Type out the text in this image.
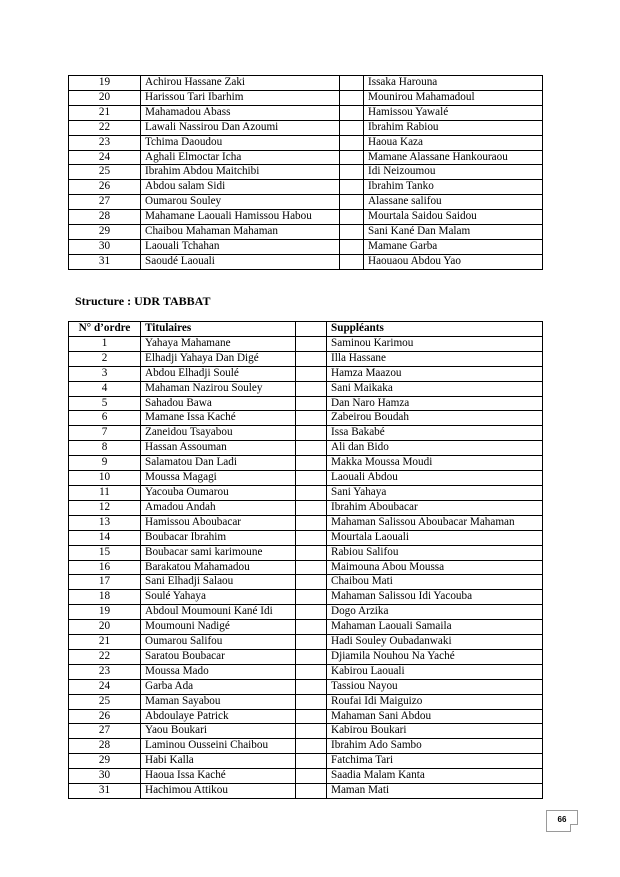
19	Achirou Hassane Zaki		Issaka Harouna
20	Harissou Tari Ibarhim		Mounirou Mahamadoul
21	Mahamadou Abass		Hamissou Yawalé
22	Lawali Nassirou Dan Azoumi		Ibrahim Rabiou
23	Tchima Daoudou		Haoua Kaza
24	Aghali Elmoctar Icha		Mamane Alassane Hankouraou
25	Ibrahim Abdou Maitchibi		Idi Neizoumou
26	Abdou salam Sidi		Ibrahim Tanko
27	Oumarou Souley		Alassane salifou
28	Mahamane Laouali Hamissou Habou		Mourtala Saidou Saidou
29	Chaibou Mahaman Mahaman		Sani Kané Dan Malam
30	Laouali Tchahan		Mamane Garba
31	Saoudé Laouali		Haouaou Abdou Yao
Structure : UDR TABBAT
N° d’ordre	Titulaires		Suppléants
1	Yahaya Mahamane		Saminou Karimou
2	Elhadji Yahaya Dan Digé		Illa Hassane
3	Abdou Elhadji Soulé		Hamza Maazou
4	Mahaman Nazirou Souley		Sani Maikaka
5	Sahadou Bawa		Dan Naro Hamza
6	Mamane Issa Kaché		Zabeirou Boudah
7	Zaneidou Tsayabou		Issa Bakabé
8	Hassan Assouman		Ali dan Bido
9	Salamatou Dan Ladi		Makka Moussa Moudi
10	Moussa Magagi		Laouali Abdou
11	Yacouba Oumarou		Sani Yahaya
12	Amadou Andah		Ibrahim Aboubacar
13	Hamissou Aboubacar		Mahaman Salissou Aboubacar Mahaman
14	Boubacar Ibrahim		Mourtala Laouali
15	Boubacar sami karimoune		Rabiou Salifou
16	Barakatou Mahamadou		Maimouna Abou Moussa
17	Sani Elhadji Salaou		Chaibou Mati
18	Soulé Yahaya		Mahaman Salissou Idi Yacouba
19	Abdoul Moumouni Kané Idi		Dogo Arzika
20	Moumouni Nadigé		Mahaman Laouali Samaila
21	Oumarou Salifou		Hadi Souley Oubadanwaki
22	Saratou Boubacar		Djiamila Nouhou Na Yaché
23	Moussa Mado		Kabirou Laouali
24	Garba Ada		Tassiou Nayou
25	Maman Sayabou		Roufai Idi Maiguizo
26	Abdoulaye Patrick		Mahaman Sani Abdou
27	Yaou Boukari		Kabirou Boukari
28	Laminou Ousseini Chaibou		Ibrahim Ado Sambo
29	Habi Kalla		Fatchima Tari
30	Haoua Issa Kaché		Saadia Malam Kanta
31	Hachimou Attikou		Maman Mati
66
